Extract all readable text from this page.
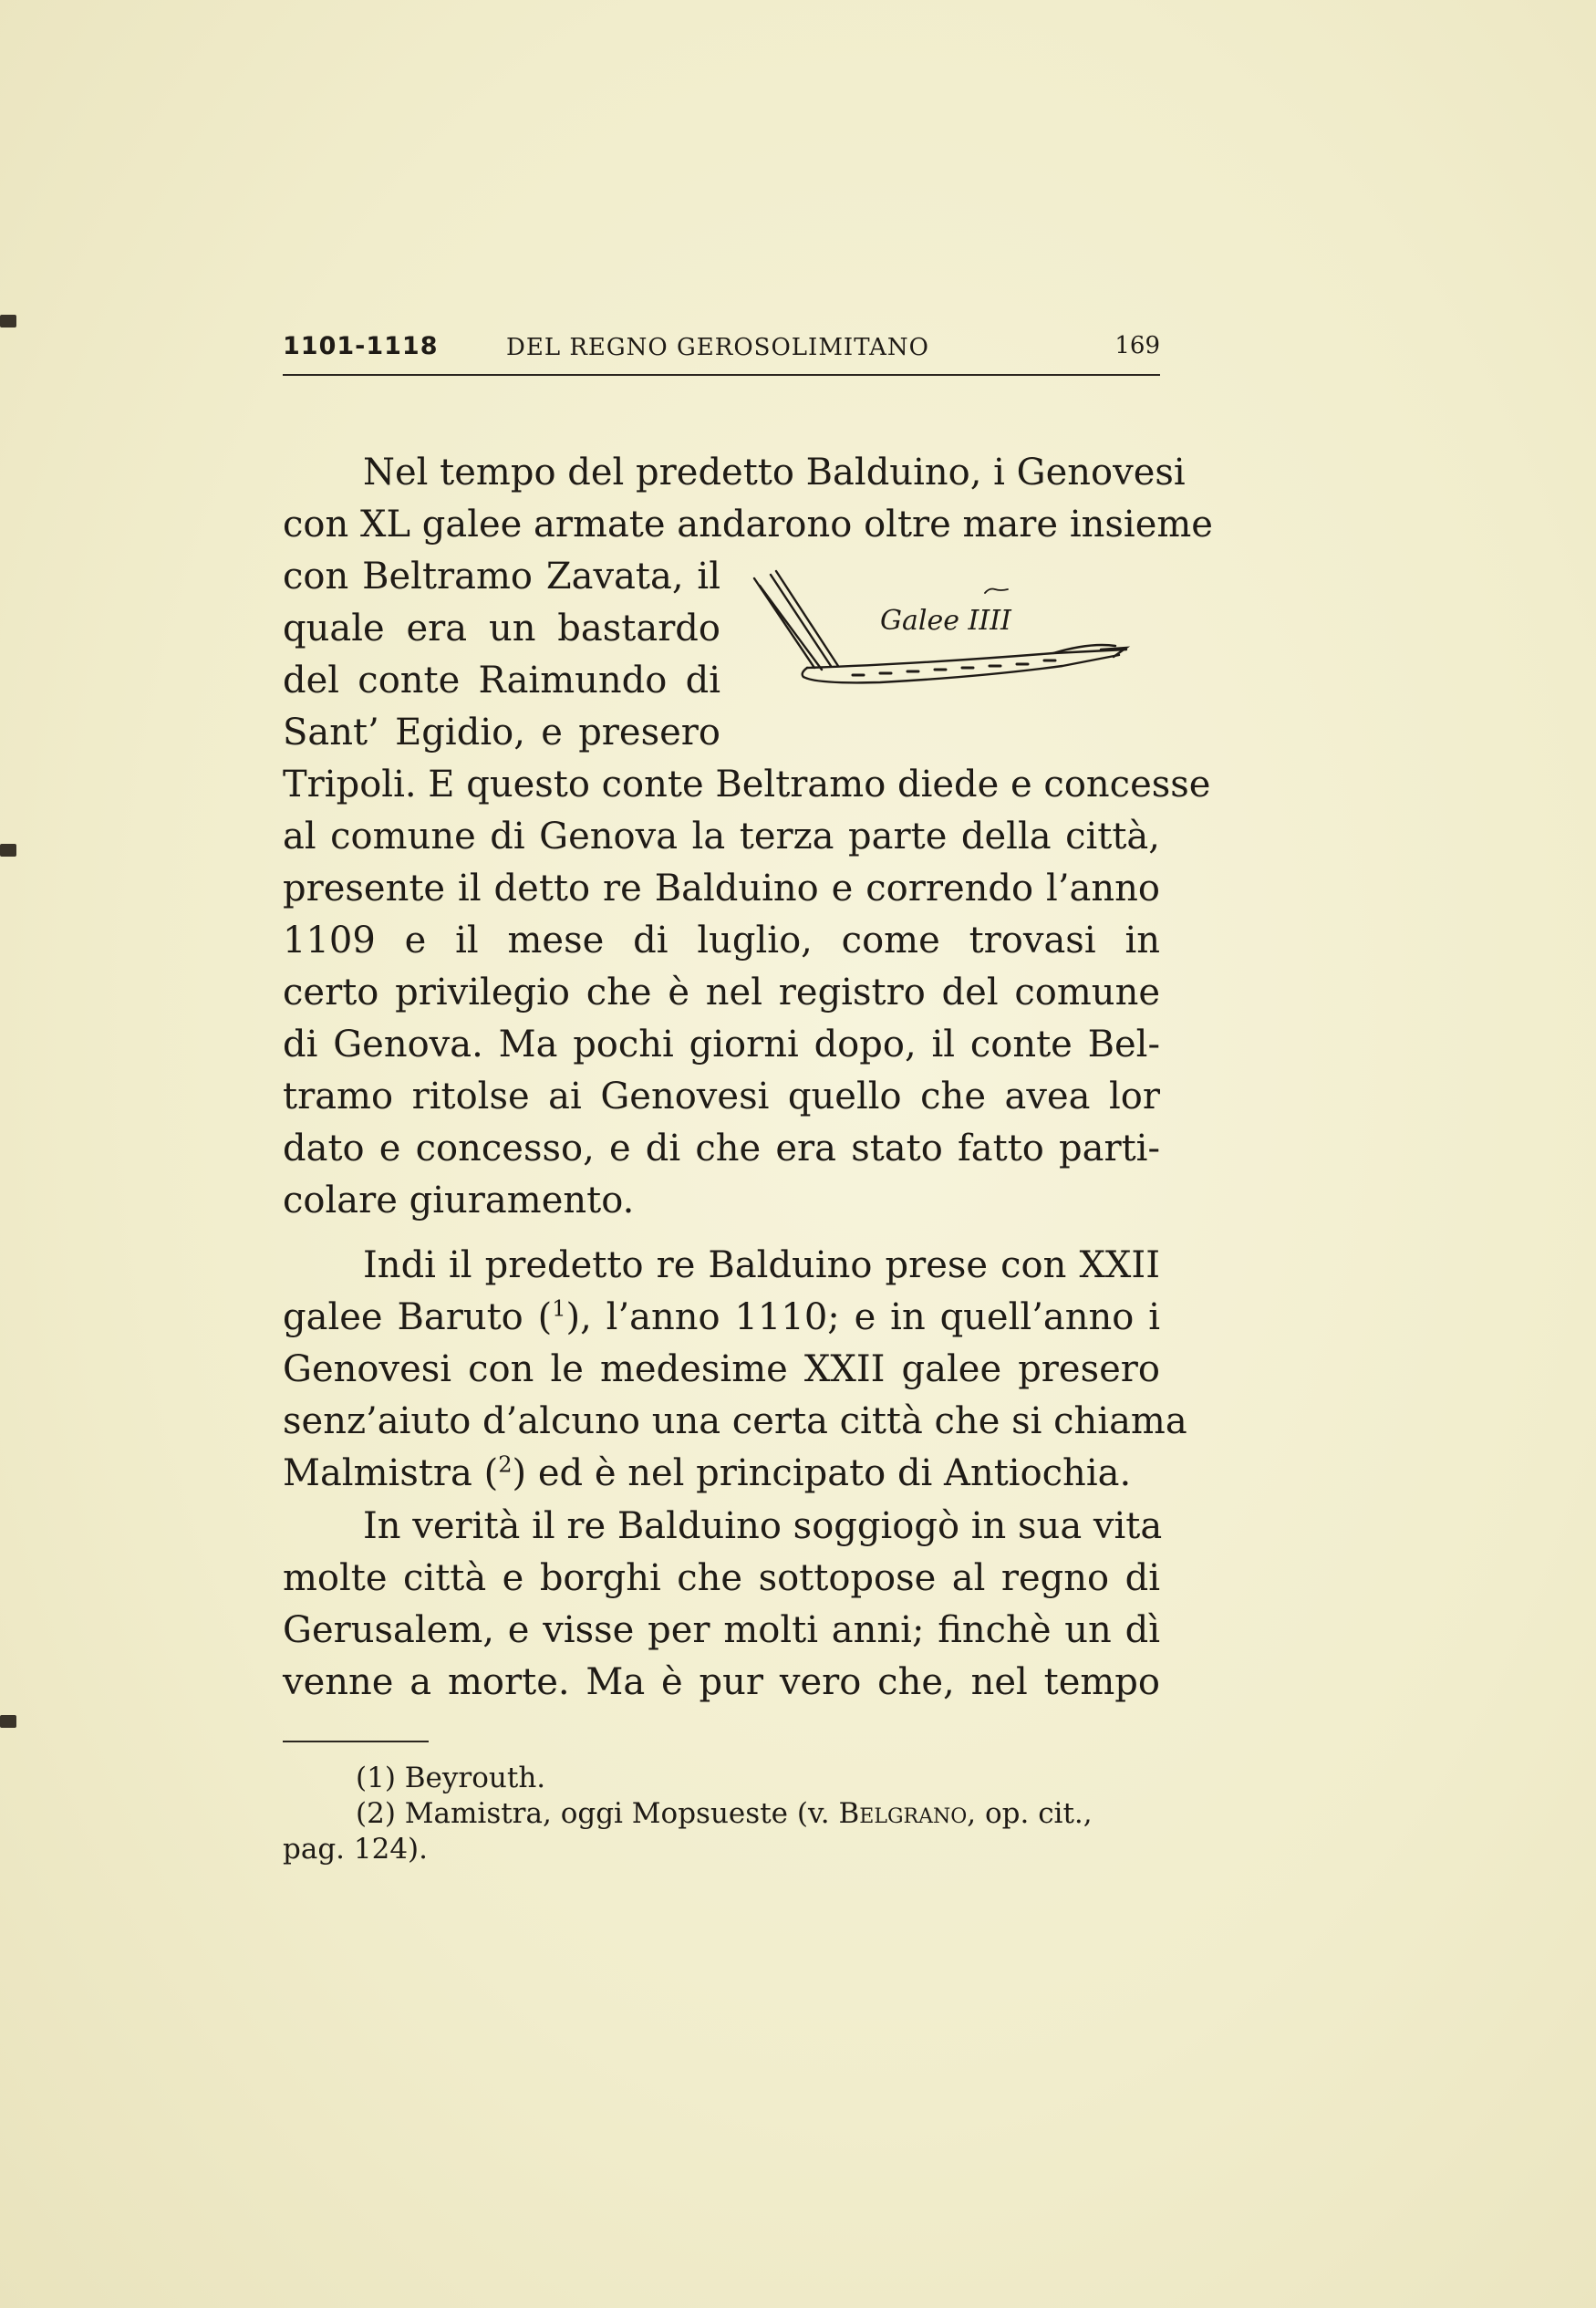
1101-1118	DEL REGNO GEROSOLIMITANO	169
Nel tempo del predetto Balduino, i Genovesi
con XL galee armate andarono oltre mare insieme
con Beltramo Zavata, il
quale era un bastardo
del conte Raimundo di
Sant’ Egidio, e presero
Tripoli. E questo conte Beltramo diede e concesse
al comune di Genova la terza parte della città,
presente il detto re Balduino e correndo l’anno
1109 e il mese di luglio, come trovasi in
certo privilegio che è nel registro del comune
di Genova. Ma pochi giorni dopo, il conte Bel-
tramo ritolse ai Genovesi quello che avea lor
dato e concesso, e di che era stato fatto parti-
colare giuramento.
Galee IIII
Indi il predetto re Balduino prese con XXII
galee Baruto ($^1$), l’anno 1110; e in quell’anno i
Genovesi con le medesime XXII galee presero
senz’aiuto d’alcuno una certa città che si chiama
Malmistra ($^2$) ed è nel principato di Antiochia.
In verità il re Balduino soggiogò in sua vita
molte città e borghi che sottopose al regno di
Gerusalem, e visse per molti anni; finchè un dì
venne a morte. Ma è pur vero che, nel tempo
(1) Beyrouth.
(2) Mamistra, oggi Mopsueste (v. Belgrano, op. cit.,
pag. 124).
